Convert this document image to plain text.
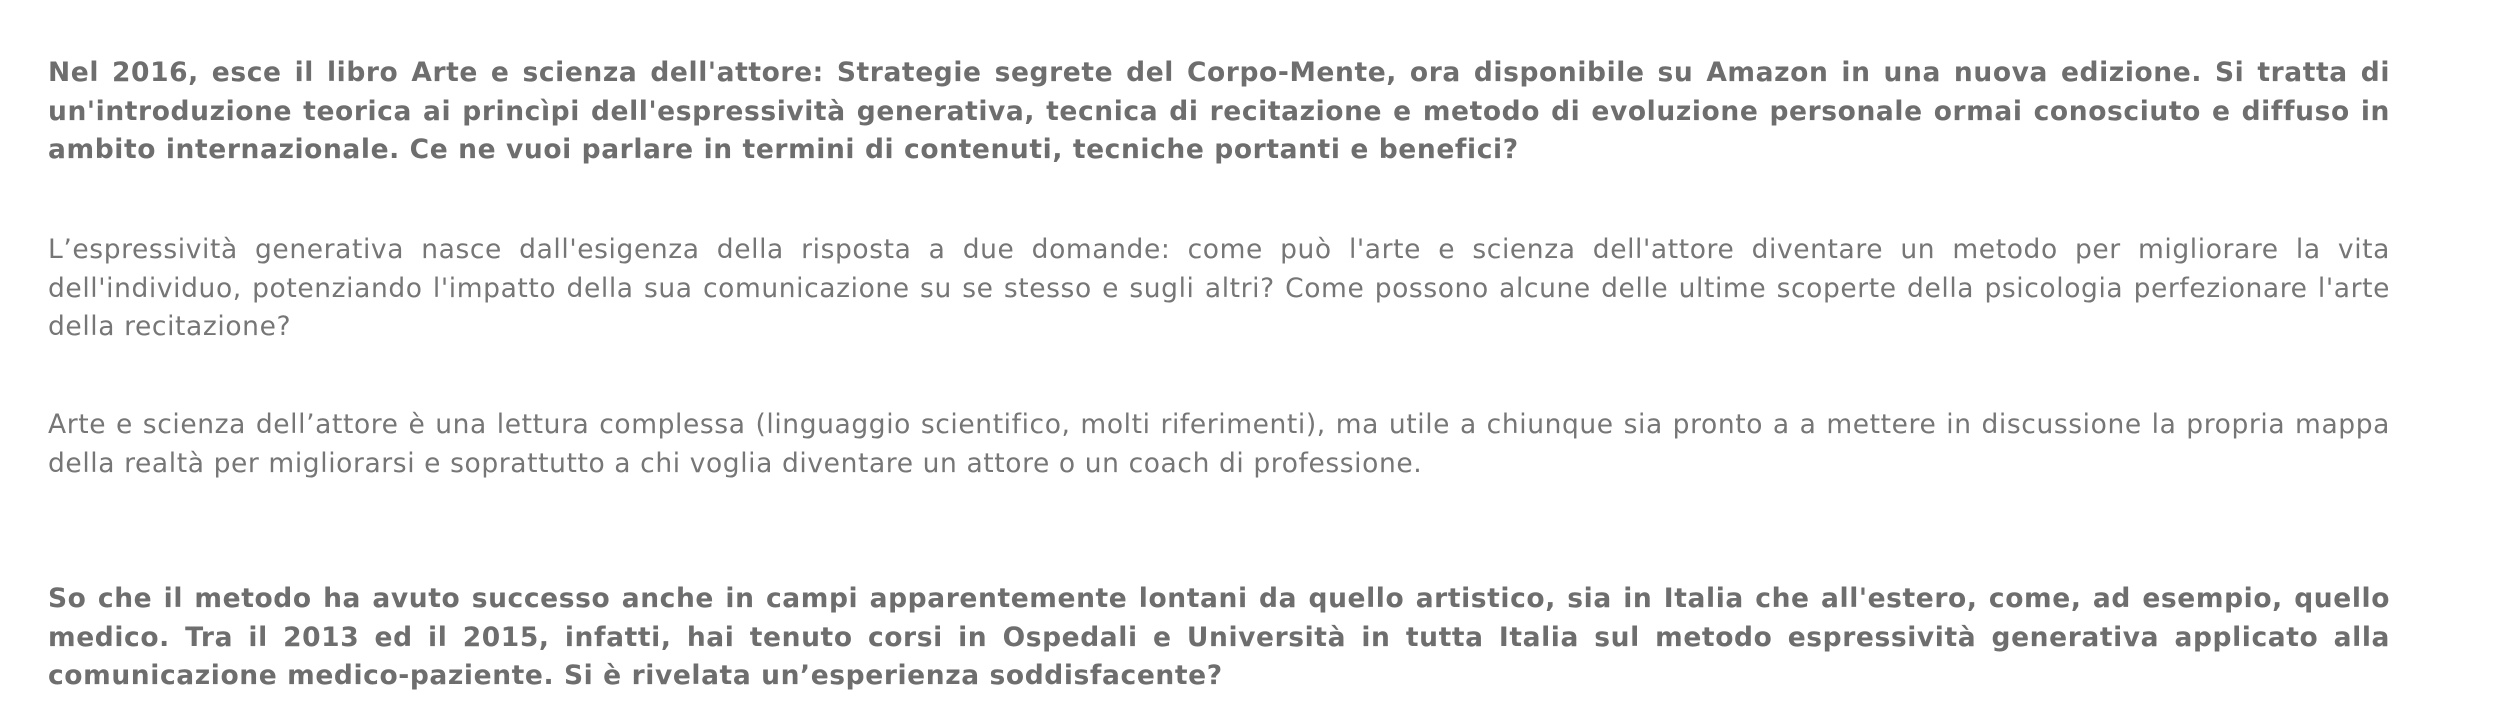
Nel 2016, esce il libro Arte e scienza dell'attore: Strategie segrete del Corpo-Mente, ora disponibile su Amazon in una nuova edizione. Si tratta di un'introduzione teorica ai princìpi dell'espressività generativa, tecnica di recitazione e metodo di evoluzione personale ormai conosciuto e diffuso in ambito internazionale. Ce ne vuoi parlare in termini di contenuti, tecniche portanti e benefici?

L’espressività generativa nasce dall'esigenza della risposta a due domande: come può l'arte e scienza dell'attore diventare un metodo per migliorare la vita dell'individuo, potenziando l'impatto della sua comunicazione su se stesso e sugli altri? Come possono alcune delle ultime scoperte della psicologia perfezionare l'arte della recitazione?

Arte e scienza dell’attore è una lettura complessa (linguaggio scientifico, molti riferimenti), ma utile a chiunque sia pronto a a mettere in discussione la propria mappa della realtà per migliorarsi e soprattutto a chi voglia diventare un attore o un coach di professione.

So che il metodo ha avuto successo anche in campi apparentemente lontani da quello artistico, sia in Italia che all'estero, come, ad esempio, quello medico. Tra il 2013 ed il 2015, infatti, hai tenuto corsi in Ospedali e Università in tutta Italia sul metodo espressività generativa applicato alla comunicazione medico-paziente. Si è rivelata un’esperienza soddisfacente?
